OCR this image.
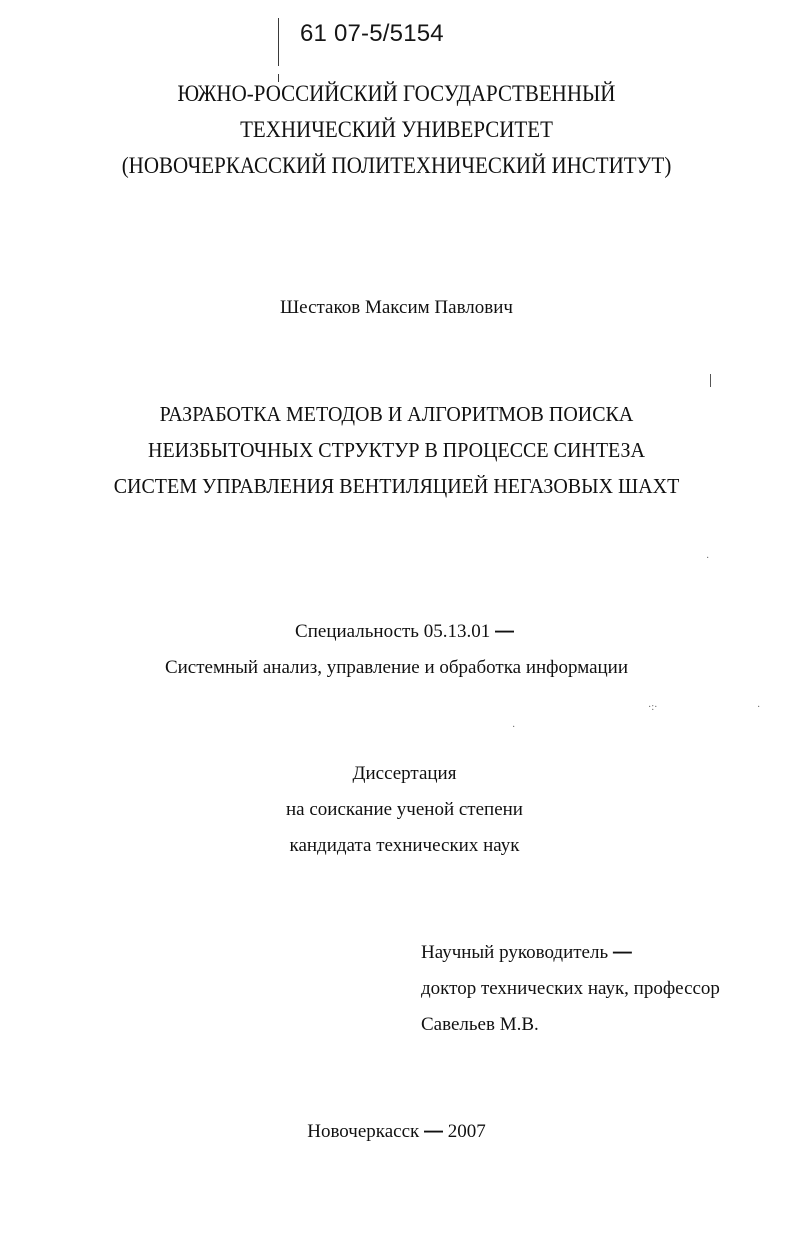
61 07-5/5154
ЮЖНО-РОССИЙСКИЙ ГОСУДАРСТВЕННЫЙ
ТЕХНИЧЕСКИЙ УНИВЕРСИТЕТ
(НОВОЧЕРКАССКИЙ ПОЛИТЕХНИЧЕСКИЙ ИНСТИТУТ)
Шестаков Максим Павлович
РАЗРАБОТКА МЕТОДОВ И АЛГОРИТМОВ ПОИСКА
НЕИЗБЫТОЧНЫХ СТРУКТУР В ПРОЦЕССЕ СИНТЕЗА
СИСТЕМ УПРАВЛЕНИЯ ВЕНТИЛЯЦИЕЙ НЕГАЗОВЫХ ШАХТ
·
·:·
·
·
Специальность 05.13.01 —
Системный анализ, управление и обработка информации
Диссертация
на соискание ученой степени
кандидата технических наук
Научный руководитель —
доктор технических наук, профессор
Савельев М.В.
Новочеркасск — 2007
